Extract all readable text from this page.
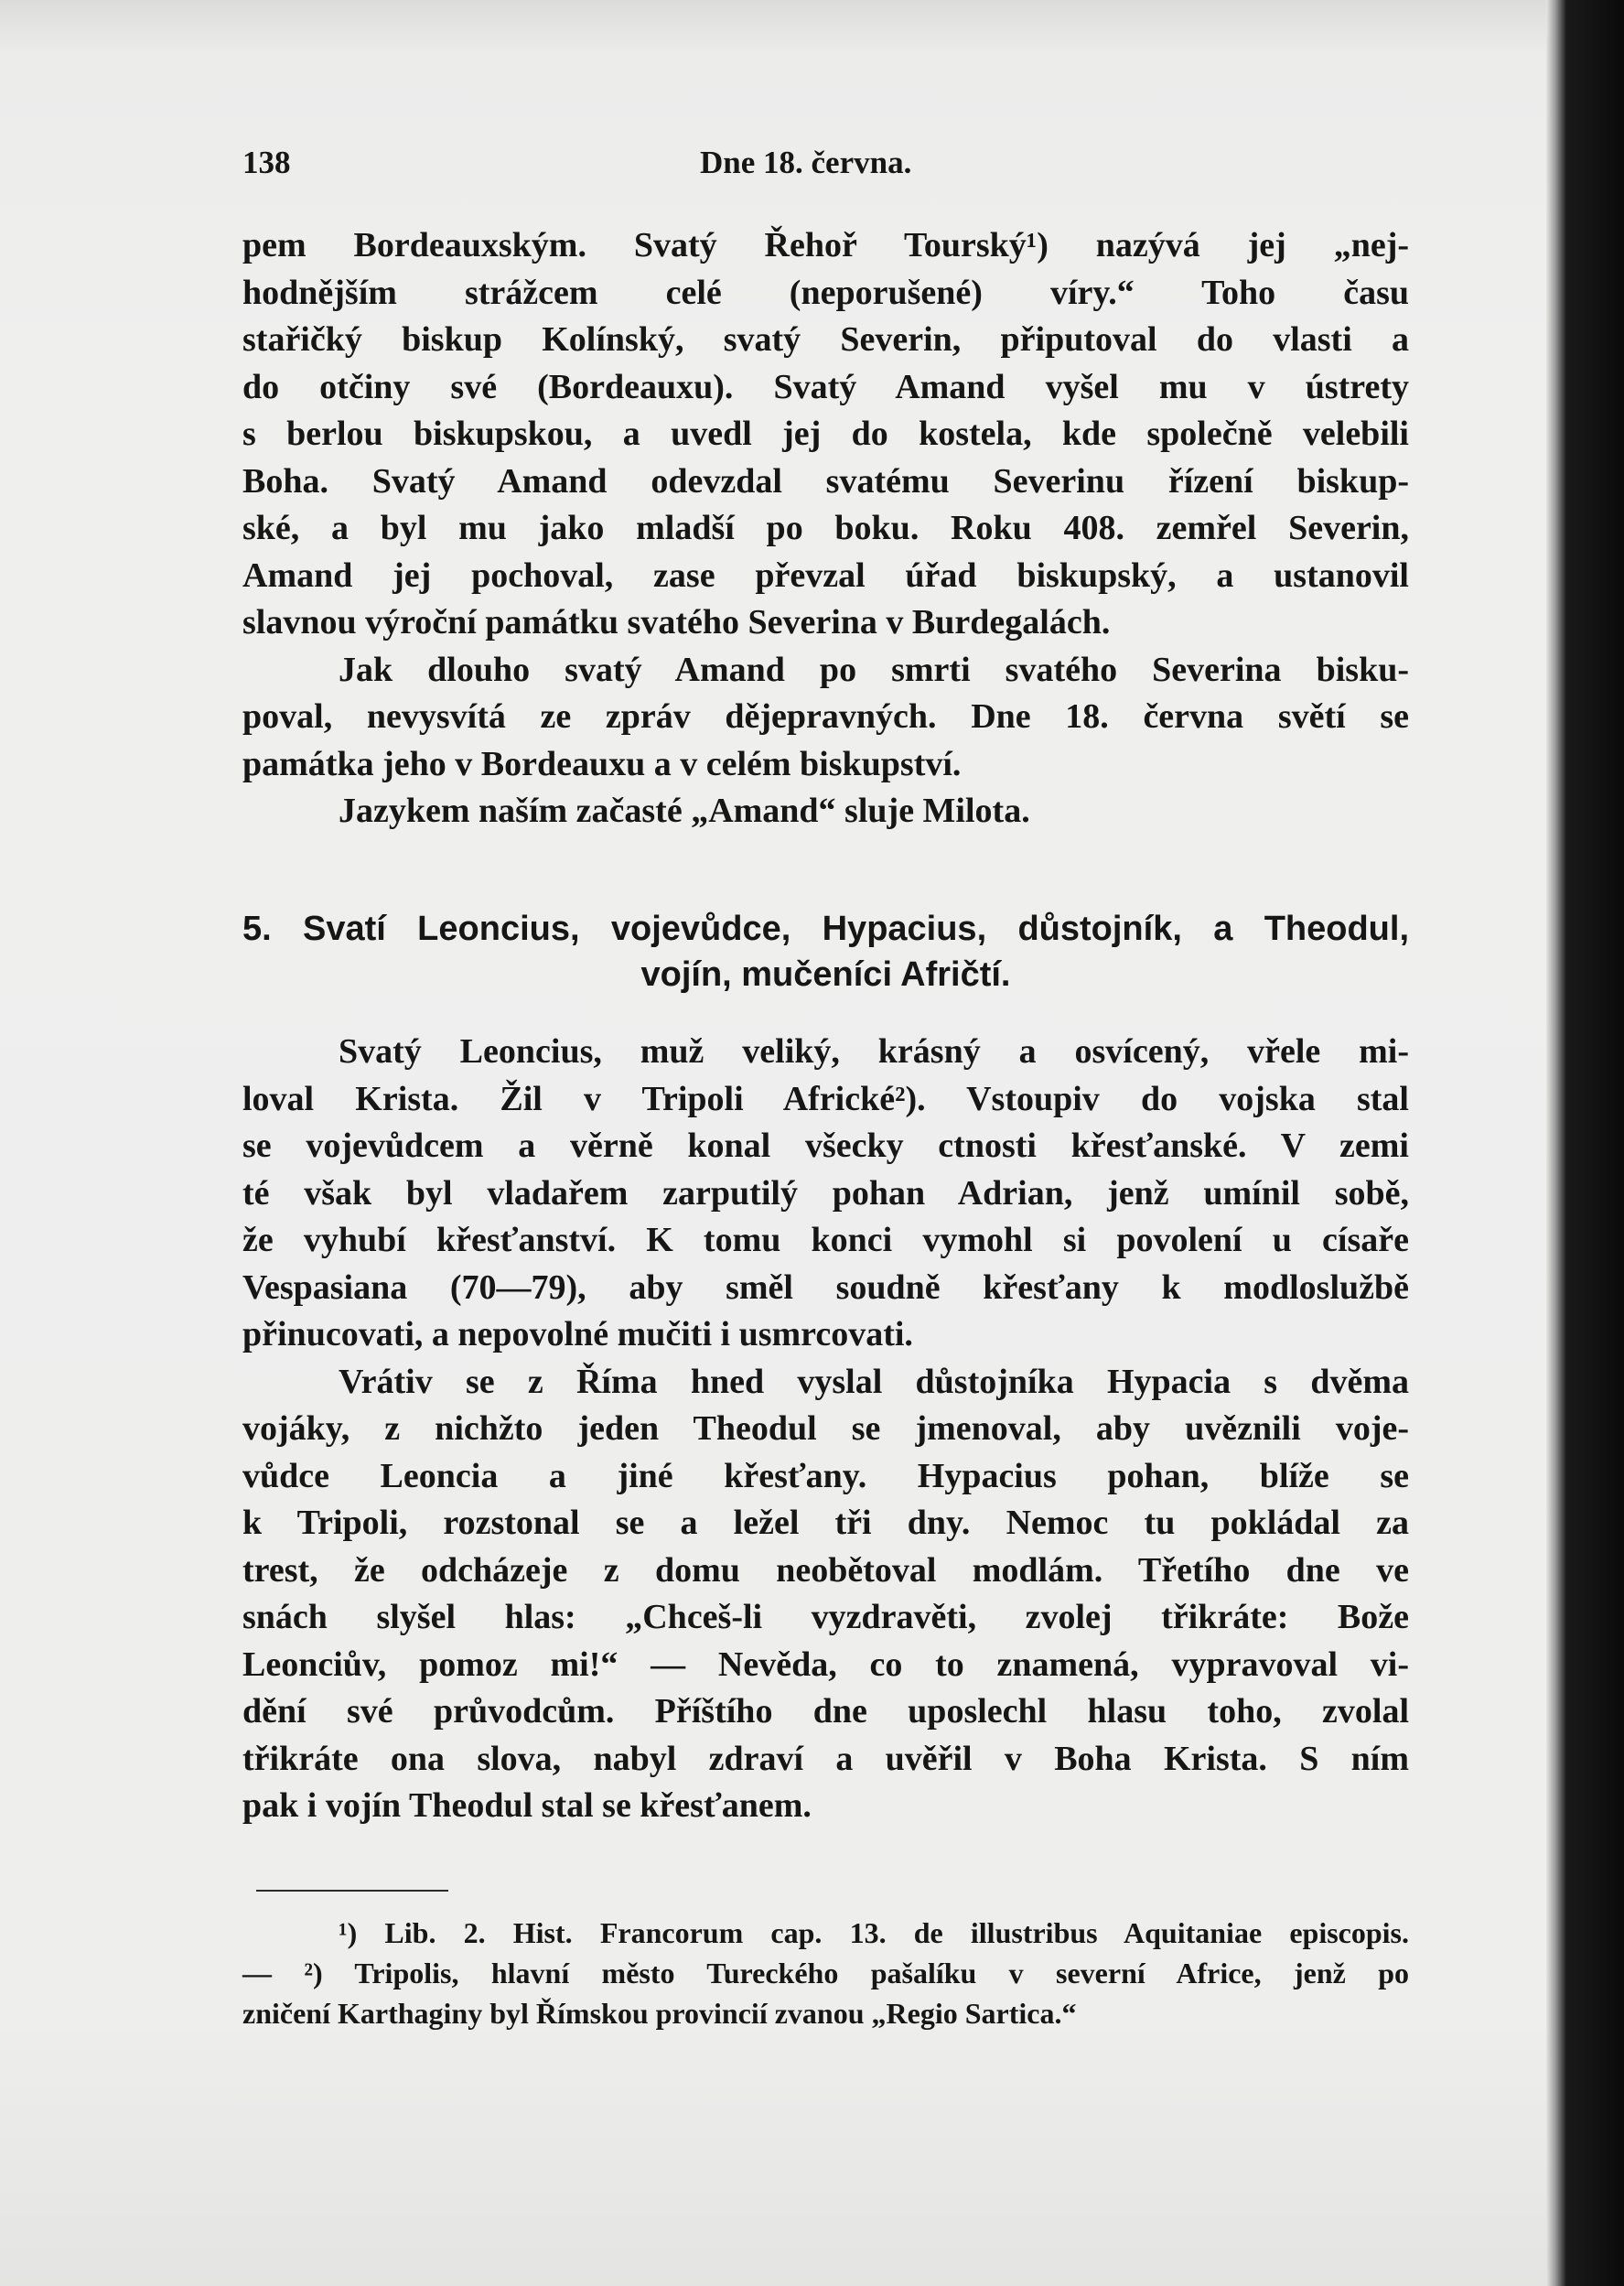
138	Dne 18. června.
pem Bordeauxským. Svatý Řehoř Tourský¹) nazývá jej „nej-
hodnějším strážcem celé (neporušené) víry.“ Toho času
stařičký biskup Kolínský, svatý Severin, připutoval do vlasti a
do otčiny své (Bordeauxu). Svatý Amand vyšel mu v ústrety
s berlou biskupskou, a uvedl jej do kostela, kde společně velebili
Boha. Svatý Amand odevzdal svatému Severinu řízení biskup-
ské, a byl mu jako mladší po boku. Roku 408. zemřel Severin,
Amand jej pochoval, zase převzal úřad biskupský, a ustanovil
slavnou výroční památku svatého Severina v Burdegalách.
Jak dlouho svatý Amand po smrti svatého Severina bisku-
poval, nevysvítá ze zpráv dějepravných. Dne 18. června světí se
památka jeho v Bordeauxu a v celém biskupství.
Jazykem naším začasté „Amand“ sluje Milota.
5. Svatí Leoncius, vojevůdce, Hypacius, důstojník, a Theodul,
vojín, mučeníci Afričtí.
Svatý Leoncius, muž veliký, krásný a osvícený, vřele mi-
loval Krista. Žil v Tripoli Africké²). Vstoupiv do vojska stal
se vojevůdcem a věrně konal všecky ctnosti křesťanské. V zemi
té však byl vladařem zarputilý pohan Adrian, jenž umínil sobě,
že vyhubí křesťanství. K tomu konci vymohl si povolení u císaře
Vespasiana (70—79), aby směl soudně křesťany k modloslužbě
přinucovati, a nepovolné mučiti i usmrcovati.
Vrátiv se z Říma hned vyslal důstojníka Hypacia s dvěma
vojáky, z nichžto jeden Theodul se jmenoval, aby uvěznili voje-
vůdce Leoncia a jiné křesťany. Hypacius pohan, blíže se
k Tripoli, rozstonal se a ležel tři dny. Nemoc tu pokládal za
trest, že odcházeje z domu neobětoval modlám. Třetího dne ve
snách slyšel hlas: „Chceš-li vyzdravěti, zvolej třikráte: Bože
Leonciův, pomoz mi!“ — Nevěda, co to znamená, vypravoval vi-
dění své průvodcům. Příštího dne uposlechl hlasu toho, zvolal
třikráte ona slova, nabyl zdraví a uvěřil v Boha Krista. S ním
pak i vojín Theodul stal se křesťanem.
¹) Lib. 2. Hist. Francorum cap. 13. de illustribus Aquitaniae episcopis.
— ²) Tripolis, hlavní město Tureckého pašalíku v severní Africe, jenž po
zničení Karthaginy byl Římskou provincií zvanou „Regio Sartica.“
